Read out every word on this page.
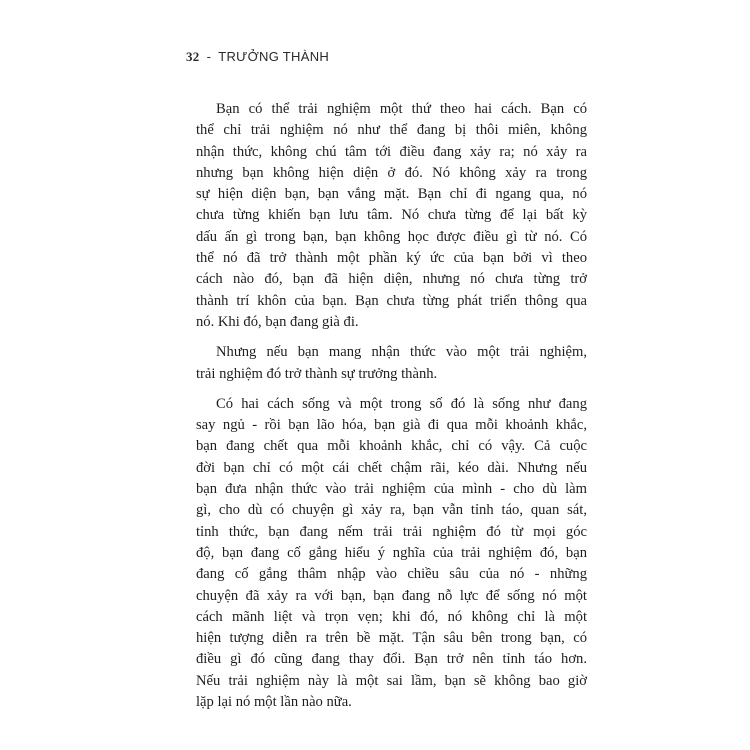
32 - TRƯỞNG THÀNH

Bạn có thể trải nghiệm một thứ theo hai cách. Bạn có
thể chỉ trải nghiệm nó như thể đang bị thôi miên, không
nhận thức, không chú tâm tới điều đang xảy ra; nó xảy ra
nhưng bạn không hiện diện ở đó. Nó không xảy ra trong
sự hiện diện bạn, bạn vắng mặt. Bạn chỉ đi ngang qua, nó
chưa từng khiến bạn lưu tâm. Nó chưa từng để lại bất kỳ
dấu ấn gì trong bạn, bạn không học được điều gì từ nó. Có
thể nó đã trở thành một phần ký ức của bạn bởi vì theo
cách nào đó, bạn đã hiện diện, nhưng nó chưa từng trở
thành trí khôn của bạn. Bạn chưa từng phát triển thông qua
nó. Khi đó, bạn đang già đi.

Nhưng nếu bạn mang nhận thức vào một trải nghiệm,
trải nghiệm đó trở thành sự trưởng thành.

Có hai cách sống và một trong số đó là sống như đang
say ngủ - rồi bạn lão hóa, bạn già đi qua mỗi khoảnh khắc,
bạn đang chết qua mỗi khoảnh khắc, chỉ có vậy. Cả cuộc
đời bạn chỉ có một cái chết chậm rãi, kéo dài. Nhưng nếu
bạn đưa nhận thức vào trải nghiệm của mình - cho dù làm
gì, cho dù có chuyện gì xảy ra, bạn vẫn tỉnh táo, quan sát,
tỉnh thức, bạn đang nếm trải trải nghiệm đó từ mọi góc
độ, bạn đang cố gắng hiểu ý nghĩa của trải nghiệm đó, bạn
đang cố gắng thâm nhập vào chiều sâu của nó - những
chuyện đã xảy ra với bạn, bạn đang nỗ lực để sống nó một
cách mãnh liệt và trọn vẹn; khi đó, nó không chỉ là một
hiện tượng diễn ra trên bề mặt. Tận sâu bên trong bạn, có
điều gì đó cũng đang thay đổi. Bạn trở nên tỉnh táo hơn.
Nếu trải nghiệm này là một sai lầm, bạn sẽ không bao giờ
lặp lại nó một lần nào nữa.
